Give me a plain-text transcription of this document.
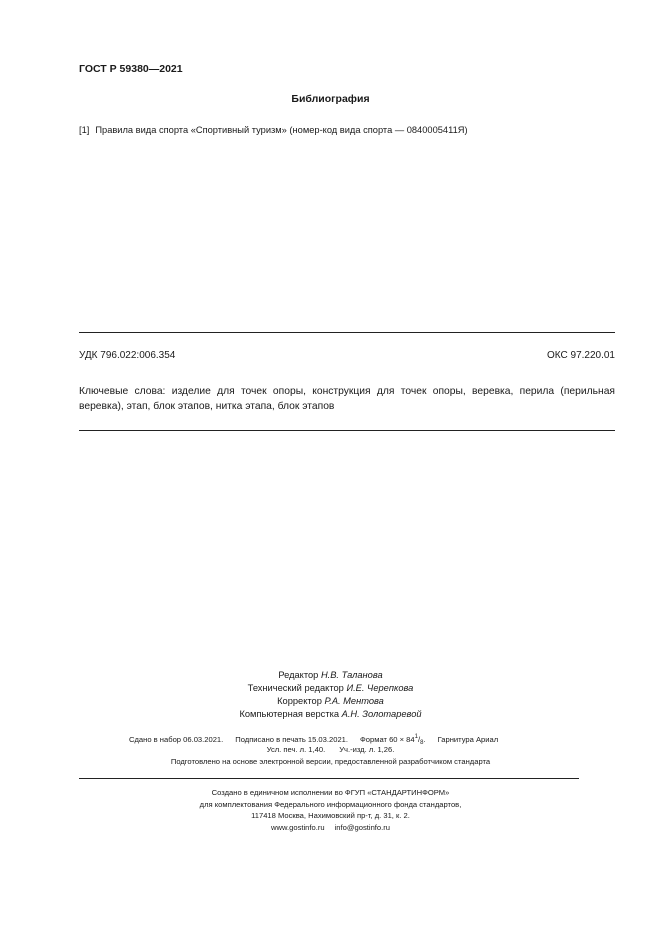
ГОСТ Р 59380—2021
Библиография
[1] Правила вида спорта «Спортивный туризм» (номер-код вида спорта — 0840005411Я)
УДК 796.022:006.354	ОКС 97.220.01
Ключевые слова: изделие для точек опоры, конструкция для точек опоры, веревка, перила (перильная веревка), этап, блок этапов, нитка этапа, блок этапов
Редактор Н.В. Таланова
Технический редактор И.Е. Черепкова
Корректор Р.А. Ментова
Компьютерная верстка А.Н. Золотаревой
Сдано в набор 06.03.2021. Подписано в печать 15.03.2021. Формат $60 \times 84^1/_8$. Гарнитура Ариал
Усл. печ. л. 1,40. Уч.-изд. л. 1,26.
Подготовлено на основе электронной версии, предоставленной разработчиком стандарта
Создано в единичном исполнении во ФГУП «СТАНДАРТИНФОРМ»
для комплектования Федерального информационного фонда стандартов,
117418 Москва, Нахимовский пр-т, д. 31, к. 2.
www.gostinfo.ru info@gostinfo.ru
